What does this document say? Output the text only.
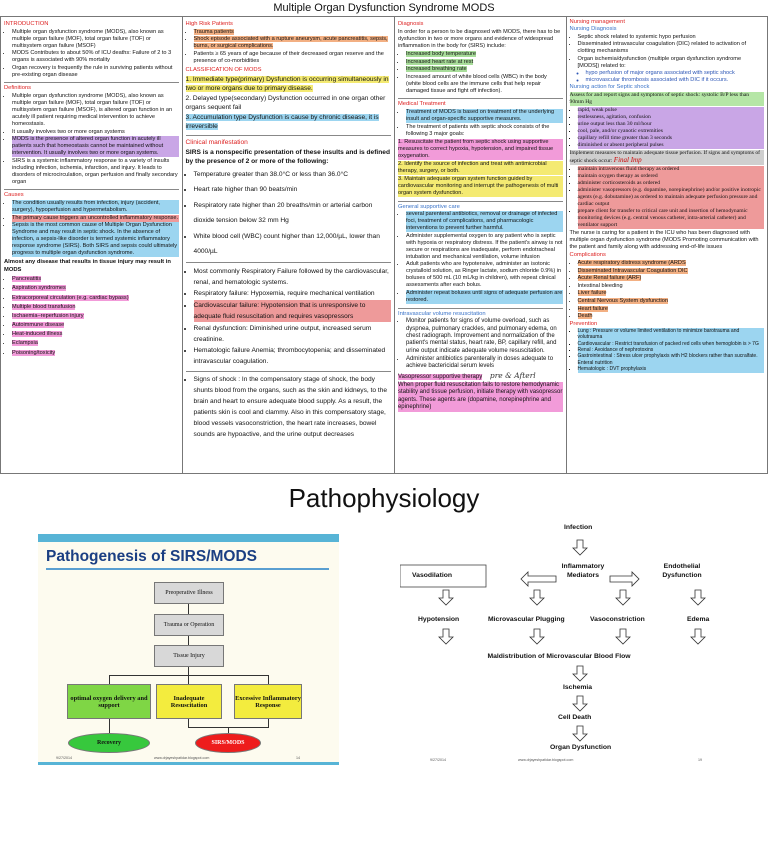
Multiple Organ Dysfunction Syndrome MODS
INTRODUCTION
• Multiple organ dysfunction syndrome (MODS), also known as multiple organ failure (MOF), total organ failure (TOF) or multisystem organ failure (MSOF)
• MODS Contributes to about 50% of ICU deaths: Failure of 2 to 3 organs is associated with 90% mortality
• Organ recovery is frequently the rule in surviving patients without pre-existing organ disease
Definitions
• Multiple organ dysfunction syndrome (MODS), also known as multiple organ failure (MOF), total organ failure (TOF) or multisystem organ failure (MSOF), is altered organ function in an acutely ill patient requiring medical intervention to achieve homeostasis.
• It usually involves two or more organ systems
• MODS is the presence of altered organ function in acutely ill patients such that homeostasis cannot be maintained without intervention. It usually involves two or more organ systems.
• SIRS is a systemic inflammatory response to a variety of insults including infection, ischemia, infarction, and injury. It leads to disorders of microcirculation, organ perfusion and finally secondary organ
Causes
• The condition usually results from infection, injury (accident, surgery), hypoperfusion and hypermetabolism.
• The primary cause triggers an uncontrolled inflammatory response.
• Sepsis is the most common cause of Multiple Organ Dysfunction Syndrome and may result in septic shock. In the absence of infection, a sepsis-like disorder is termed systemic inflammatory response syndrome (SIRS). Both SIRS and sepsis could ultimately progress to multiple organ dysfunction syndrome.
Almost any disease that results in tissue injury may result in MODS
• Pancreatitis
• Aspiration syndromes
• Extracorporeal circulation (e.g. cardiac bypass)
• Multiple blood transfusion
• Ischaemia–reperfusion injury
• Autoimmune disease
• Heat-induced illness
• Eclampsia
• Poisoning/toxicity
High Risk Patients
• Trauma patients
• Shock episode associated with a rupture aneurysm, acute pancreatitis, sepsis, burns, or surgical complications.
• Patients ≥ 65 years of age because of their decreased organ reserve and the presence of co-morbidities
CLASSIFICATION OF MODS
1. Immediate type(primary) Dysfunction is occurring simultaneously in two or more organs due to primary disease.
2. Delayed type(secondary) Dysfunction occurred in one organ other organs sequent fail
3. Accumulation type Dysfunction is cause by chronic disease, it is irreversible
Clinical manifestation
SIRS is a nonspecific presentation of these insults and is defined by the presence of 2 or more of the following:
• Temperature greater than 38.0°C or less than 36.0°C
• Heart rate higher than 90 beats/min
• Respiratory rate higher than 20 breaths/min or arterial carbon dioxide tension below 32 mm Hg
• White blood cell (WBC) count higher than 12,000/µL, lower than 4000/µL
• Most commonly Respiratory Failure followed by the cardiovascular, renal, and hematologic systems.
• Respiratory failure: Hypoxemia, require mechanical ventilation
• Cardiovascular failure: Hypotension that is unresponsive to adequate fluid resuscitation and requires vasopressors
• Renal dysfunction: Diminished urine output, increased serum creatinine.
• Hematologic failure Anemia; thrombocytopenia; and disseminated intravascular coagulation.
• Signs of shock : In the compensatory stage of shock, the body shunts blood from the organs, such as the skin and kidneys, to the brain and heart to ensure adequate blood supply. As a result, the patients skin is cool and clammy. Also in this compensatory stage, blood vessels vasoconstriction, the heart rate increases, bowel sounds are hypoactive, and the urine output decreases
Diagnosis
In order for a person to be diagnosed with MODS, there has to be dysfunction in two or more organs and evidence of widespread inflammation in the body for (SIRS) include:
• Increased body temperature
• Increased heart rate at rest
• Increased breathing rate
• Increased amount of white blood cells (WBC) in the body (white blood cells are the immune cells that help repair damaged tissue and fight off infection).
Medical Treatment
• Treatment of MODS is based on treatment of the underlying insult and organ-specific supportive measures.
• The treatment of patients with septic shock consists of the following 3 major goals:
1. Resuscitate the patient from septic shock using supportive measures to correct hypoxia, hypotension, and impaired tissue oxygenation.
2. Identify the source of infection and treat with antimicrobial therapy, surgery, or both.
3. Maintain adequate organ system function guided by cardiovascular monitoring and interrupt the pathogenesis of multi organ system dysfunction.
General supportive care
• several parenteral antibiotics, removal or drainage of infected foci, treatment of complications, and pharmacologic interventions to prevent further harmful.
• Administer supplemental oxygen to any patient who is septic with hypoxia or respiratory distress. If the patient's airway is not secure or respirations are inadequate, perform endotracheal intubation and mechanical ventilation, volume infusion
• Adult patients who are hypotensive, administer an isotonic crystalloid solution, as Ringer lactate, sodium chloride 0.9%) in boluses of 500 mL (10 mL/kg in children), with repeat clinical assessments after each bolus.
• Administer repeat boluses until signs of adequate perfusion are restored.
Intravascular volume resuscitation
• Monitor patients for signs of volume overload, such as dyspnea, pulmonary crackles, and pulmonary edema, on chest radiograph. Improvement and normalization of the patient's mental status, heart rate, BP, capillary refill, and urine output indicate adequate volume resuscitation.
• Administer antibiotics parenterally in doses adequate to achieve bactericidal serum levels
Vasopressor supportive therapy pre & Afterl
When proper fluid resuscitation fails to restore hemodynamic stability and tissue perfusion, initiate therapy with vasopressor agents. These agents are (dopamine, norepinephrine and epinephrine)
Nursing management
Nursing Diagnosis
• Septic shock related to systemic hypo perfusion
• Disseminated intravascular coagulation (DIC) related to activation of clotting mechanisms
• Organ ischemia/dysfunction (multiple organ dysfunction syndrome [MODS]) related to:
◦ hypo perfusion of major organs associated with septic shock
◦ microvascular thrombosis associated with DIC if it occurs.
Nursing action for Septic shock
Assess for and report signs and symptoms of septic shock: systolic B/P less than 90mm Hg
▪ rapid, weak pulse
▪ restlessness, agitation, confusion
▪ urine output less than 30 ml/hour
▪ cool, pale, and/or cyanotic extremities
▪ capillary refill time greater than 3 seconds
▪ diminished or absent peripheral pulses
Implement measures to maintain adequate tissue perfusion. If signs and symptoms of septic shock occur: Final Imp
▪ maintain intravenous fluid therapy as ordered
▪ maintain oxygen therapy as ordered
▪ administer corticosteroids as ordered
▪ administer vasopressors (e.g. dopamine, norepinephrine) and/or positive inotropic agents (e.g. dobutamine) as ordered to maintain adequate perfusion pressure and cardiac output
▪ prepare client for transfer to critical care unit and insertion of hemodynamic monitoring devices (e.g. central venous catheter, intra-arterial catheter) and ventilator support
The nurse is caring for a patient in the ICU who has been diagnosed with multiple organ dysfunction syndrome (MODS Promoting communication with the patient and family along with addressing end-of-life issues
Complications
• Acute respiratory distress syndrome (ARDS
• Disseminated Intravascular Coagulation DIC
• Acute Renal failure (ARF)
• Intestinal bleeding
• Liver failure
• Central Nervous System dysfunction
• Heart failure
• Death
Prevention
▪ Lung : Pressure or volume limited ventilation to minimize barotrauma and volutrauma
▪ Cardiovascular : Restrict transfusion of packed red cells when hemoglobin is > 7G
▪ Renal : Avoidance of nephrotoxins
▪ Gastrointestinal : Stress ulcer prophylaxis with H2 blockers rather than sucralfate. Enteral nutrition
▪ Hematologic : DVT prophylaxis
Pathophysiology
Pathogenesis of SIRS/MODS
Preoperative Illness
Trauma or Operation
Tissue Injury
optimal oxygen delivery and support
Inadequate Resuscitation
Excessive Inflammatory Response
Recovery	SIRS/MODS
9/27/2014	www.drjayeshpatidar.blogspot.com	14
Infection
Vasodilation
Inflammatory Mediators
Endothelial Dysfunction
Hypotension	Microvascular Plugging	Vasoconstriction	Edema
Maldistribution of Microvascular Blood Flow
Ischemia
Cell Death
Organ Dysfunction
9/27/2014	www.drjayeshpatidar.blogspot.com	19
